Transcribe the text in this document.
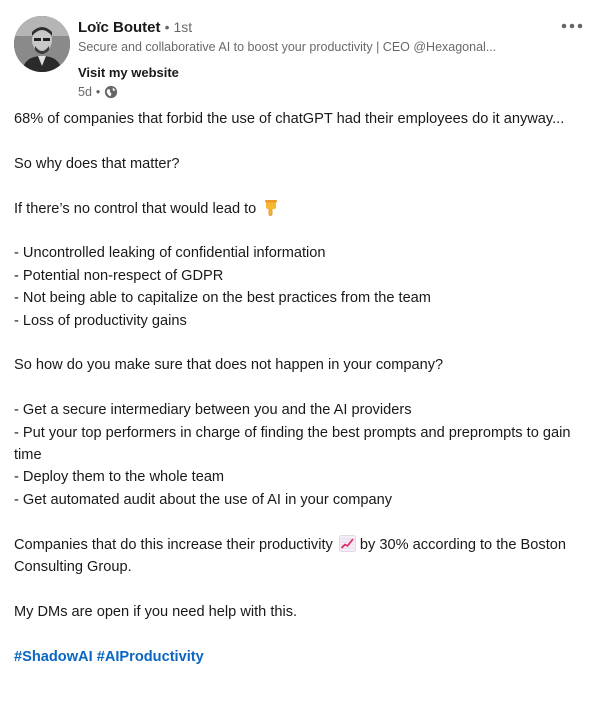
Loïc Boutet • 1st
Secure and collaborative AI to boost your productivity | CEO @Hexagonal...
Visit my website
5d •

68% of companies that forbid the use of chatGPT had their employees do it anyway...

So why does that matter?

If there’s no control that would lead to

- Uncontrolled leaking of confidential information

- Potential non-respect of GDPR

- Not being able to capitalize on the best practices from the team

- Loss of productivity gains

So how do you make sure that does not happen in your company?

- Get a secure intermediary between you and the AI providers

- Put your top performers in charge of finding the best prompts and preprompts to gain time

- Deploy them to the whole team

- Get automated audit about the use of AI in your company

Companies that do this increase their productivity by 30% according to the Boston Consulting Group.

My DMs are open if you need help with this.

#ShadowAI #AIProductivity
